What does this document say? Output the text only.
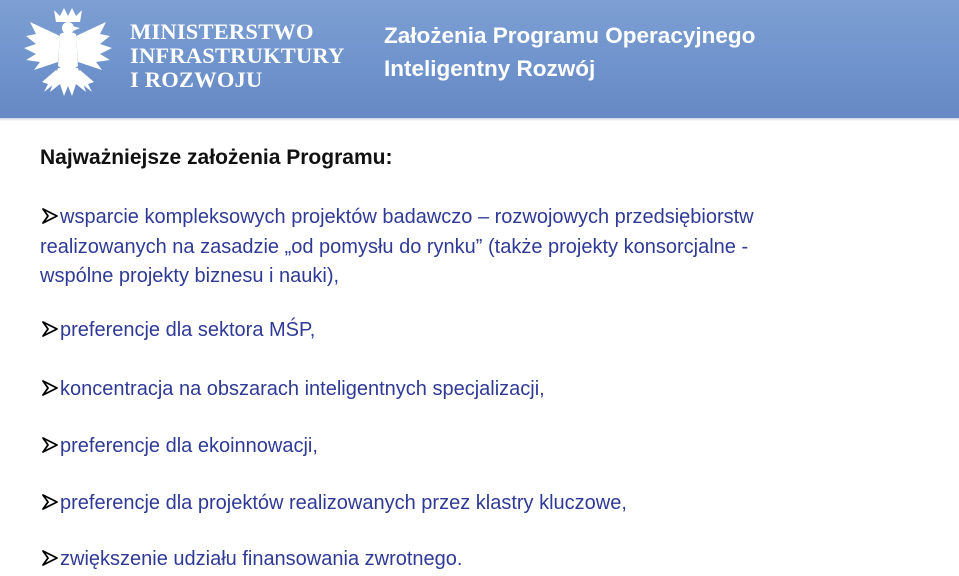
MINISTERSTWO
INFRASTRUKTURY
I ROZWOJU
Założenia Programu Operacyjnego
Inteligentny Rozwój
Najważniejsze założenia Programu:
wsparcie kompleksowych projektów badawczo – rozwojowych przedsiębiorstw
realizowanych na zasadzie „od pomysłu do rynku” (także projekty konsorcjalne -
wspólne projekty biznesu i nauki),
preferencje dla sektora MŚP,
koncentracja na obszarach inteligentnych specjalizacji,
preferencje dla ekoinnowacji,
preferencje dla projektów realizowanych przez klastry kluczowe,
zwiększenie udziału finansowania zwrotnego.
